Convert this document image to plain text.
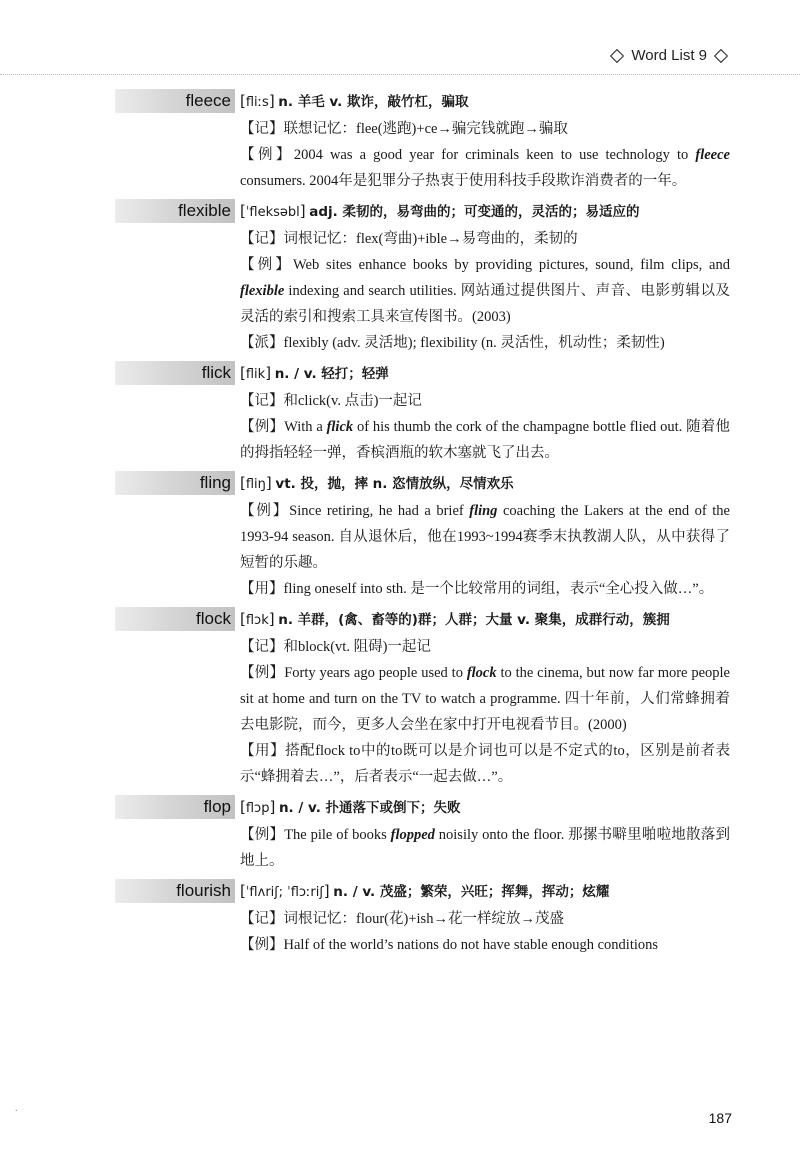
Word List 9
fleece [fliːs] n. 羊毛 v. 欺诈，敲竹杠，骗取
【记】联想记忆：flee(逃跑)+ce→骗完钱就跑→骗取
【例】2004 was a good year for criminals keen to use technology to fleece consumers. 2004年是犯罪分子热衷于使用科技手段欺诈消费者的一年。
flexible [ˈfleksəbl] adj. 柔韧的，易弯曲的；可变通的，灵活的；易适应的
【记】词根记忆：flex(弯曲)+ible→易弯曲的，柔韧的
【例】Web sites enhance books by providing pictures, sound, film clips, and flexible indexing and search utilities. 网站通过提供图片、声音、电影剪辑以及灵活的索引和搜索工具来宣传图书。(2003)
【派】flexibly (adv. 灵活地); flexibility (n. 灵活性，机动性；柔韧性)
flick [flik] n. / v. 轻打；轻弹
【记】和click(v. 点击)一起记
【例】With a flick of his thumb the cork of the champagne bottle flied out. 随着他的拇指轻轻一弹，香槟酒瓶的软木塞就飞了出去。
fling [fliŋ] vt. 投，抛，摔 n. 恣情放纵，尽情欢乐
【例】Since retiring, he had a brief fling coaching the Lakers at the end of the 1993-94 season. 自从退休后，他在1993~1994赛季末执教湖人队，从中获得了短暂的乐趣。
【用】fling oneself into sth. 是一个比较常用的词组，表示“全心投入做…”。
flock [flɔk] n. 羊群，(禽、畜等的)群；人群；大量 v. 聚集，成群行动，簇拥
【记】和block(vt. 阻碍)一起记
【例】Forty years ago people used to flock to the cinema, but now far more people sit at home and turn on the TV to watch a programme. 四十年前，人们常蜂拥着去电影院，而今，更多人会坐在家中打开电视看节目。(2000)
【用】搭配flock to中的to既可以是介词也可以是不定式的to，区别是前者表示“蜂拥着去…”，后者表示“一起去做…”。
flop [flɔp] n. / v. 扑通落下或倒下；失败
【例】The pile of books flopped noisily onto the floor. 那摞书噼里啪啦地散落到地上。
flourish [ˈflʌriʃ; ˈflɔːriʃ] n. / v. 茂盛；繁荣，兴旺；挥舞，挥动；炫耀
【记】词根记忆：flour(花)+ish→花一样绽放→茂盛
【例】Half of the world’s nations do not have stable enough conditions
.
187
